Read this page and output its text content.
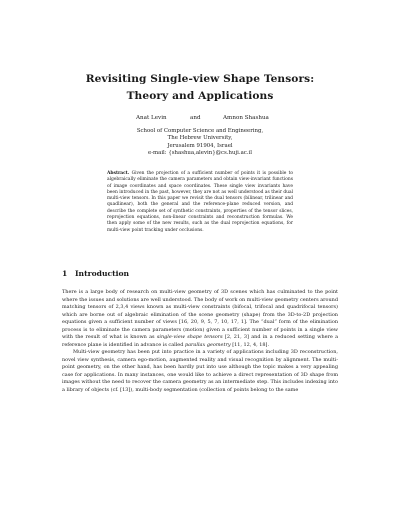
Revisiting Single-view Shape Tensors: Theory and Applications
Anat Levin	and	Amnon Shashua
School of Computer Science and Engineering,
The Hebrew University,
Jerusalem 91904, Israel
e-mail: {shashua,alevin}@cs.huji.ac.il
Abstract. Given the projection of a sufficient number of points it is possible to algebraically eliminate the camera parameters and obtain view-invariant functions of image coordinates and space coordinates. These single view invariants have been introduced in the past, however, they are not as well understood as their dual multi-view tensors. In this paper we revisit the dual tensors (bilinear, trilinear and quadlinear), both the general and the reference-plane reduced version, and describe the complete set of synthetic constraints, properties of the tensor slices, reprojection equations, non-linear constraints and reconstruction formulas. We then apply some of the new results, such as the dual reprojection equations, for multi-view point tracking under occlusions.
1 Introduction

There is a large body of research on multi-view geometry of 3D scenes which has culminated to the point where the issues and solutions are well understood. The body of work on multi-view geometry centers around matching tensors of 2,3,4 views known as multi-view constraints (bifocal, trifocal and quadrifocal tensors) which are borne out of algebraic elimination of the scene geometry (shape) from the 3D-to-2D projection equations given a sufficient number of views [16, 20, 9, 5, 7, 10, 17, 1]. The “dual” form of the elimination process is to eliminate the camera parameters (motion) given a sufficient number of points in a single view with the result of what is known as single-view shape tensors [2, 21, 3] and in a reduced setting where a reference plane is identified in advance is called parallax geometry [11, 12, 4, 18].

Multi-view geometry has been put into practice in a variety of applications including 3D reconstruction, novel view synthesis, camera ego-motion, augmented reality and visual recognition by alignment. The multi-point geometry, on the other hand, has been hardly put into use although the topic makes a very appealing case for applications. In many instances, one would like to achieve a direct representation of 3D shape from images without the need to recover the camera geometry as an intermediate step. This includes indexing into a library of objects (cf. [13]), multi-body segmentation (collection of points belong to the same
